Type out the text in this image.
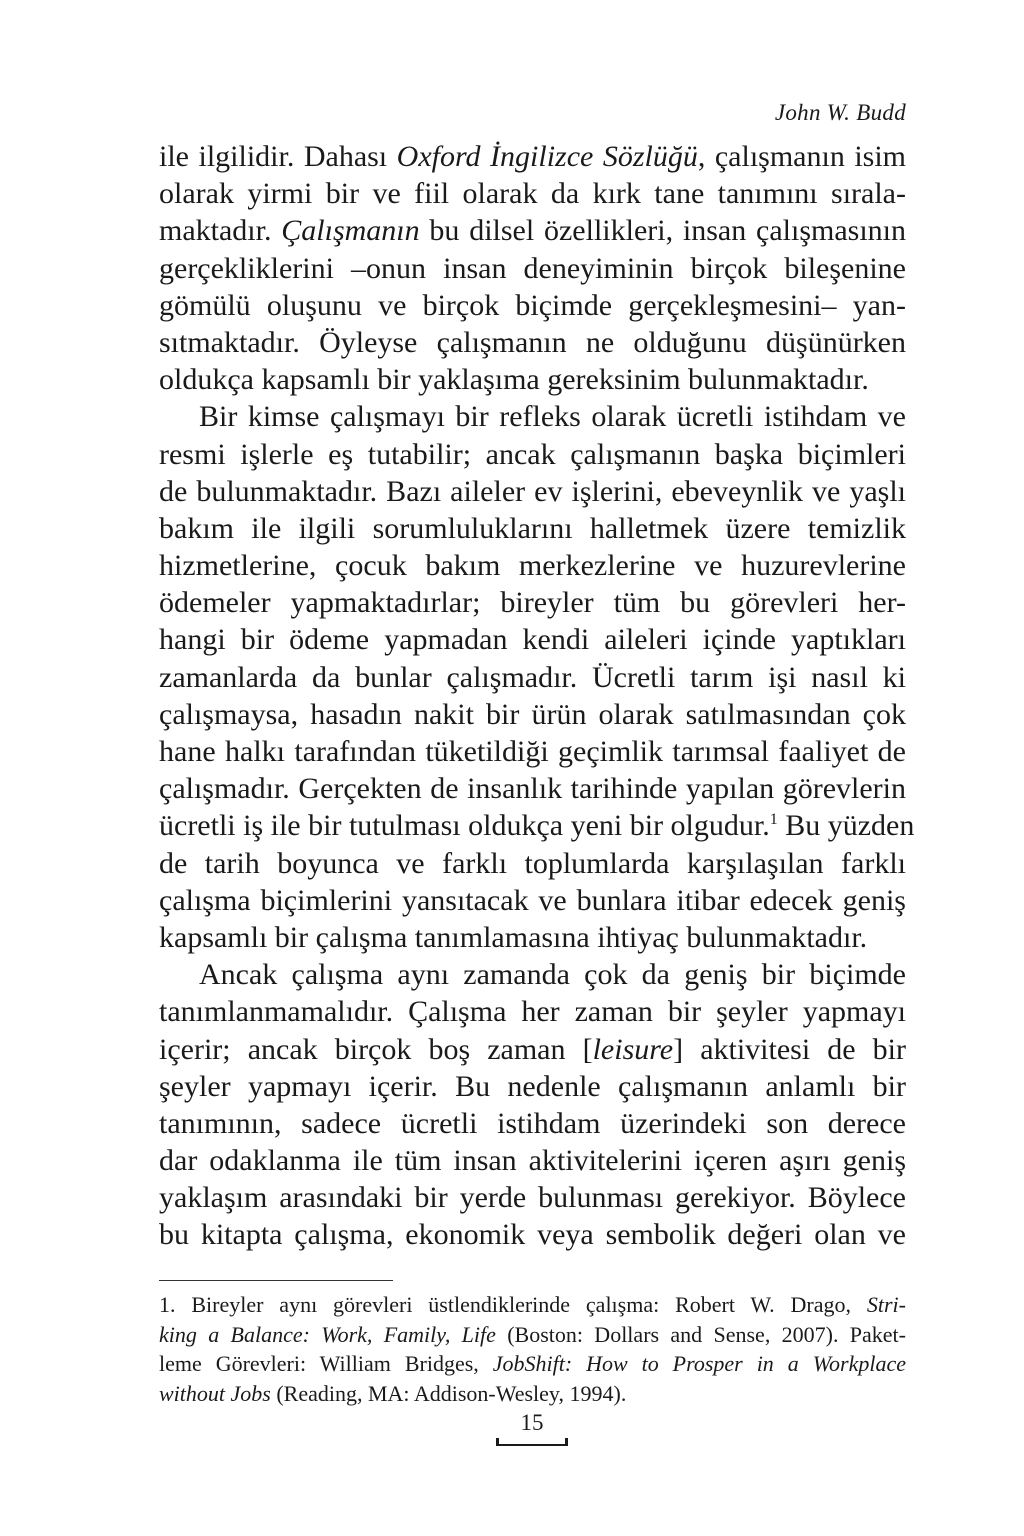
John W. Budd
ile ilgilidir. Dahası Oxford İngilizce Sözlüğü, çalışmanın isim
olarak yirmi bir ve fiil olarak da kırk tane tanımını sırala-
maktadır. Çalışmanın bu dilsel özellikleri, insan çalışmasının
gerçekliklerini –onun insan deneyiminin birçok bileşenine
gömülü oluşunu ve birçok biçimde gerçekleşmesini– yan-
sıtmaktadır. Öyleyse çalışmanın ne olduğunu düşünürken
oldukça kapsamlı bir yaklaşıma gereksinim bulunmaktadır.
Bir kimse çalışmayı bir refleks olarak ücretli istihdam ve
resmi işlerle eş tutabilir; ancak çalışmanın başka biçimleri
de bulunmaktadır. Bazı aileler ev işlerini, ebeveynlik ve yaşlı
bakım ile ilgili sorumluluklarını halletmek üzere temizlik
hizmetlerine, çocuk bakım merkezlerine ve huzurevlerine
ödemeler yapmaktadırlar; bireyler tüm bu görevleri her-
hangi bir ödeme yapmadan kendi aileleri içinde yaptıkları
zamanlarda da bunlar çalışmadır. Ücretli tarım işi nasıl ki
çalışmaysa, hasadın nakit bir ürün olarak satılmasından çok
hane halkı tarafından tüketildiği geçimlik tarımsal faaliyet de
çalışmadır. Gerçekten de insanlık tarihinde yapılan görevlerin
ücretli iş ile bir tutulması oldukça yeni bir olgudur.$^1$ Bu yüzden
de tarih boyunca ve farklı toplumlarda karşılaşılan farklı
çalışma biçimlerini yansıtacak ve bunlara itibar edecek geniş
kapsamlı bir çalışma tanımlamasına ihtiyaç bulunmaktadır.
Ancak çalışma aynı zamanda çok da geniş bir biçimde
tanımlanmamalıdır. Çalışma her zaman bir şeyler yapmayı
içerir; ancak birçok boş zaman [leisure] aktivitesi de bir
şeyler yapmayı içerir. Bu nedenle çalışmanın anlamlı bir
tanımının, sadece ücretli istihdam üzerindeki son derece
dar odaklanma ile tüm insan aktivitelerini içeren aşırı geniş
yaklaşım arasındaki bir yerde bulunması gerekiyor. Böylece
bu kitapta çalışma, ekonomik veya sembolik değeri olan ve
1. Bireyler aynı görevleri üstlendiklerinde çalışma: Robert W. Drago, Stri-
king a Balance: Work, Family, Life (Boston: Dollars and Sense, 2007). Paket-
leme Görevleri: William Bridges, JobShift: How to Prosper in a Workplace
without Jobs (Reading, MA: Addison-Wesley, 1994).
15
